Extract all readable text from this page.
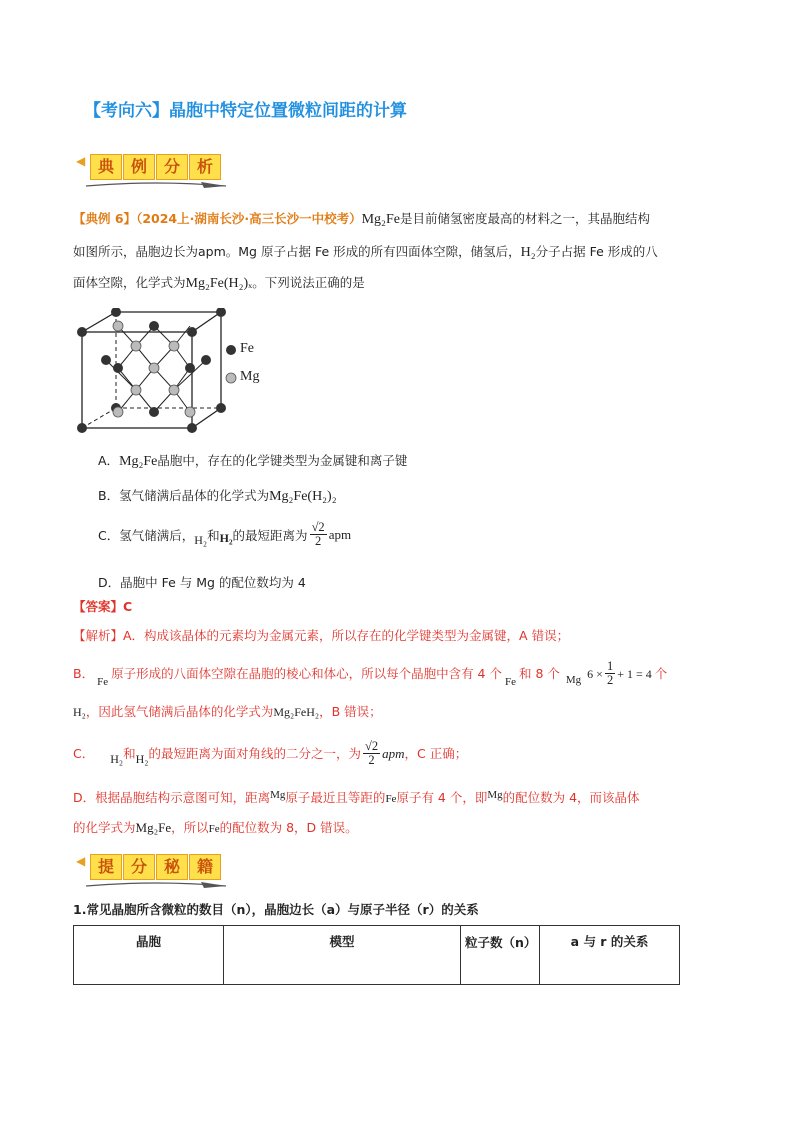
【考向六】晶胞中特定位置微粒间距的计算
◀ 典	例	分	析
【典例 6】（2024上·湖南长沙·高三长沙一中校考）Mg₂Fe是目前储氢密度最高的材料之一，其晶胞结构
如图所示，晶胞边长为apm。Mg 原子占据 Fe 形成的所有四面体空隙，储氢后，H₂分子占据 Fe 形成的八
面体空隙，化学式为Mg₂Fe(H₂)ₓ。下列说法正确的是
Fe
Mg
A．Mg₂Fe晶胞中，存在的化学键类型为金属键和离子键
B．氢气储满后晶体的化学式为Mg₂Fe(H₂)₂
C．氢气储满后， H₂ 和 H₂ 的最短距离为 $\frac{√2}{2}$ apm
D．晶胞中 Fe 与 Mg 的配位数均为 4
【答案】C
【解析】A．构成该晶体的元素均为金属元素，所以存在的化学键类型为金属键，A 错误；
B．
Fe
原子形成的八面体空隙在晶胞的棱心和体心，所以每个晶胞中含有 4 个
Fe
和 8 个 Mg $6 \times \frac{1}{2} + 1 = 4$ 个
H₂，因此氢气储满后晶体的化学式为Mg₂FeH₂，B 错误；
C． H₂ 和 H₂ 的最短距离为面对角线的二分之一，为 $\frac{√2}{2}$ apm ，C 正确；
D．根据晶胞结构示意图可知，距离Mg原子最近且等距的Fe原子有 4 个，即Mg的配位数为 4，而该晶体
的化学式为Mg₂Fe，所以Fe的配位数为 8，D 错误。
◀ 提	分	秘	籍
1.常见晶胞所含微粒的数目（n），晶胞边长（a）与原子半径（r）的关系
晶胞	模型	粒子数（n）	a 与 r 的关系
